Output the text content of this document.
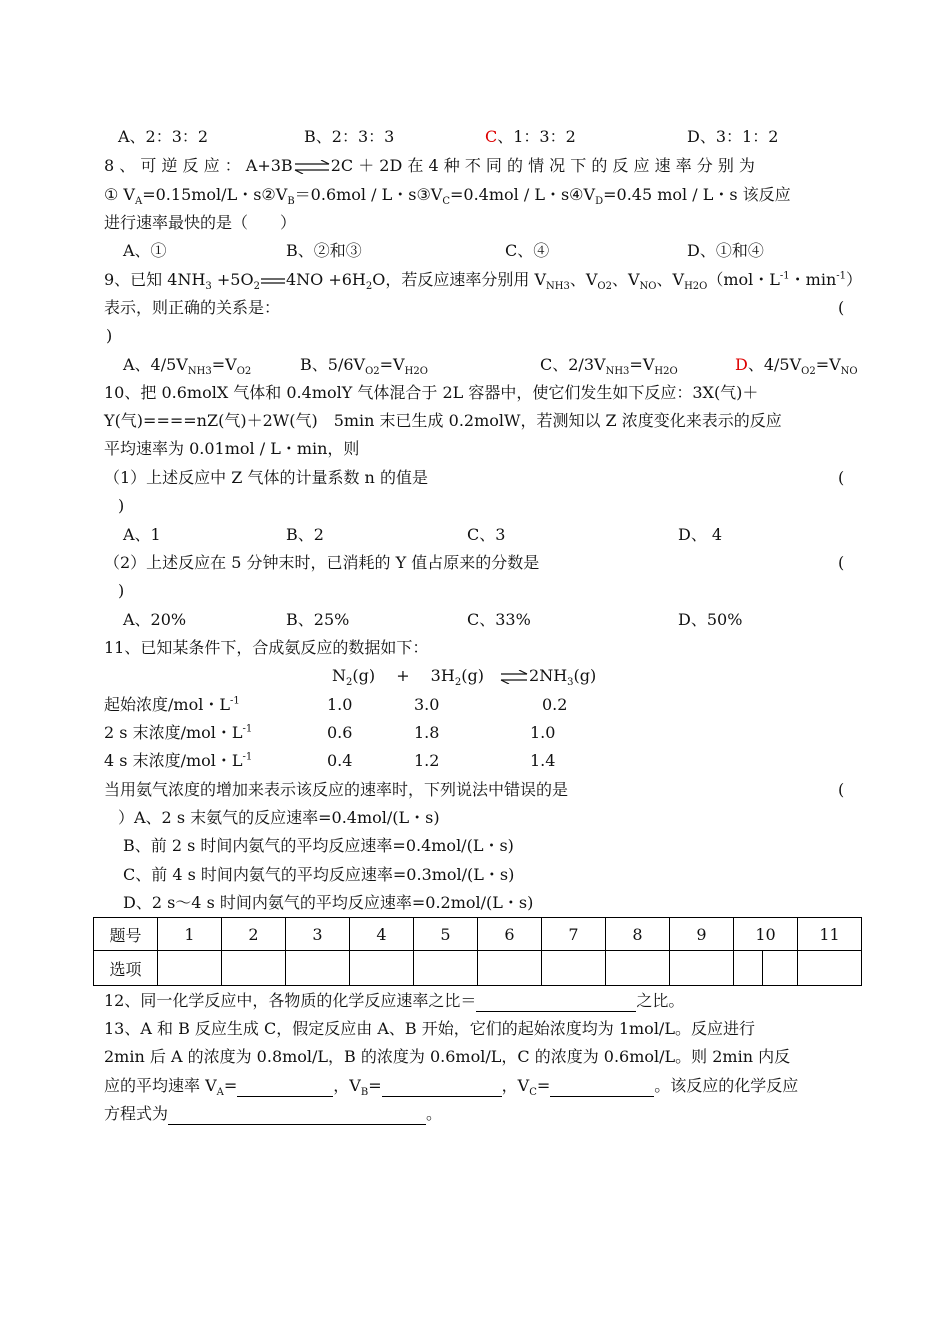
A、2：3：2	B、2：3：3	C、1：3：2	D、3：1：2
8 、 可 逆 反 应 ： A+3B⇌2C ＋ 2D 在 4 种 不 同 的 情 况 下 的 反 应 速 率 分 别 为
① $V_A=0.15mol/L$・$s②V_B=0.6mol / L$・$s③V_C=0.4mol / L$・$s④V_D=0.45$ mol / L・s 该反应
进行速率最快的是（　　）
A、①	B、②和③	C、④	D、①和④
9、已知 $4NH_3 +5O_2$ $4NO +6H_2O$，若反应速率分别用 $V_{NH3}$、$V_{O2}$、$V_{NO}$、$V_{H2O}(mol$・$L^{-1}$・$\min^{-1}$）
表示，则正确的关系是：	(
)
A、$4/5V_{NH3}=V_{O2}$	B、$5/6V_{O2}=V_{H2O}$	C、$2/3V_{NH3}=V_{H2O}$	D、$4/5V_{O2}=V_{NO}$
10、把 0.6molX 气体和 0.4molY 气体混合于 2L 容器中，使它们发生如下反应：3X(气)＋
Y(气)====nZ(气)＋2W(气)　5min 末已生成 0.2molW，若测知以 Z 浓度变化来表示的反应
平均速率为 0.01mol / L・min，则
（1）上述反应中 Z 气体的计量系数 n 的值是	(
)
A、1	B、2	C、3	D、 4
（2）上述反应在 5 分钟末时，已消耗的 Y 值占原来的分数是	(
)
A、20%	B、25%	C、33%	D、50%
11、已知某条件下，合成氨反应的数据如下：
$N_2(g)$　 +　 $3H_2(g)$ $\rightleftharpoons 2NH_3(g)$
起始浓度/mol・$L^{-1}$	1.0	3.0	0.2
2 s 末浓度/mol・$L^{-1}$	0.6	1.8	1.0
4 s 末浓度/mol・$L^{-1}$	0.4	1.2	1.4
当用氨气浓度的增加来表示该反应的速率时，下列说法中错误的是	(
）A、2 s 末氨气的反应速率=0.4mol/(L・s)
B、前 2 s 时间内氨气的平均反应速率=0.4mol/(L・s)
C、前 4 s 时间内氨气的平均反应速率=0.3mol/(L・s)
D、2 s～4 s 时间内氨气的平均反应速率=0.2mol/(L・s)
题号	1	2	3	4	5	6	7	8	9	10		11
选项												
12、同一化学反应中，各物质的化学反应速率之比＝	之比。
13、A 和 B 反应生成 C，假定反应由 A、B 开始，它们的起始浓度均为 1mol/L。反应进行
2min 后 A 的浓度为 0.8mol/L，B 的浓度为 0.6mol/L，C 的浓度为 0.6mol/L。则 2min 内反
应的平均速率 $V_A=$	，$V_B=$	，$V_C=$	。该反应的化学反应
方程式为	。
